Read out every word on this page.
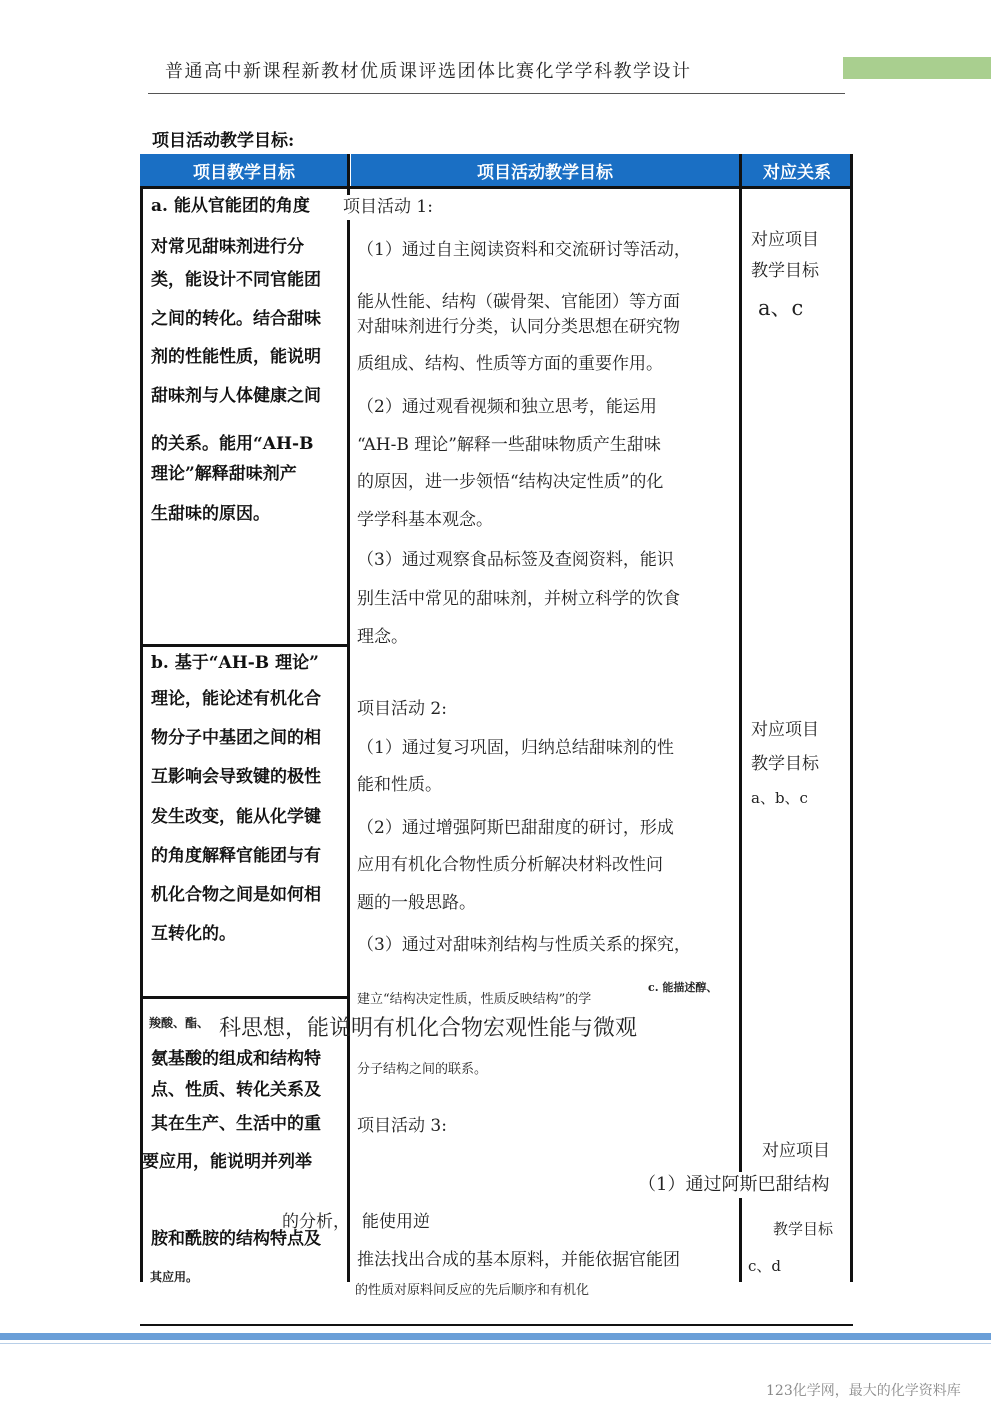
普通高中新课程新教材优质课评选团体比赛化学学科教学设计
项目活动教学目标:
项目教学目标	项目活动教学目标	对应关系
a. 能从官能团的角度
对常见甜味剂进行分
类，能设计不同官能团
之间的转化。结合甜味
剂的性能性质，能说明
甜味剂与人体健康之间
的关系。能用“AH-B
理论”解释甜味剂产
生甜味的原因。
b. 基于“AH-B 理论”
理论，能论述有机化合
物分子中基团之间的相
互影响会导致键的极性
发生改变，能从化学键
的角度解释官能团与有
机化合物之间是如何相
互转化的。
羧酸、酯、
氨基酸的组成和结构特
点、性质、转化关系及
其在生产、生活中的重
要应用，能说明并列举
的分析，
胺和酰胺的结构特点及
其应用。
项目活动 1:
（1）通过自主阅读资料和交流研讨等活动，
能从性能、结构（碳骨架、官能团）等方面
对甜味剂进行分类，认同分类思想在研究物
质组成、结构、性质等方面的重要作用。
（2）通过观看视频和独立思考，能运用
“AH-B 理论”解释一些甜味物质产生甜味
的原因，进一步领悟“结构决定性质”的化
学学科基本观念。
（3）通过观察食品标签及查阅资料，能识
别生活中常见的甜味剂，并树立科学的饮食
理念。
项目活动 2:
（1）通过复习巩固，归纳总结甜味剂的性
能和性质。
（2）通过增强阿斯巴甜甜度的研讨，形成
应用有机化合物性质分析解决材料改性问
题的一般思路。
（3）通过对甜味剂结构与性质关系的探究，
建立“结构决定性质，性质反映结构”的学
c. 能描述醇、
科思想，能说明有机化合物宏观性能与微观
分子结构之间的联系。
项目活动 3:
（1）通过阿斯巴甜结构
能使用逆
推法找出合成的基本原料，并能依据官能团
的性质对原料间反应的先后顺序和有机化
对应项目
教学目标
a、c
对应项目
教学目标
a、b、c
对应项目
教学目标
c、d
123化学网，最大的化学资料库
